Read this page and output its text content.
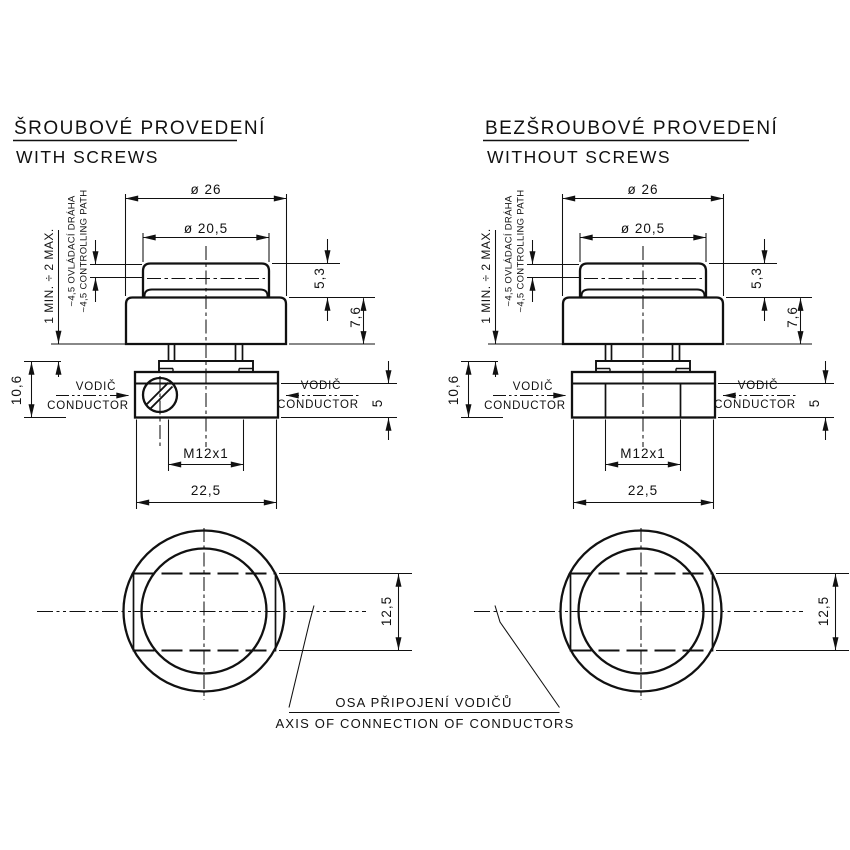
ŠROUBOVÉ PROVEDENÍ
WITH SCREWS
BEZŠROUBOVÉ PROVEDENÍ
WITHOUT SCREWS
OSA PŘIPOJENÍ VODIČŮ
AXIS OF CONNECTION OF CONDUCTORS
ø 26
ø 20,5
5,3
7,6
5
10,6
1 MIN. ÷ 2 MAX. ~4,5 OVLÁDACÍ DRÁHA ~4,5 CONTROLLING PATH
M12x1
22,5
12,5
VODIČ
CONDUCTOR
VODIČ
CONDUCTOR
ø 26
ø 20,5
5,3
7,6
5
10,6
1 MIN. ÷ 2 MAX. ~4,5 OVLÁDACÍ DRÁHA ~4,5 CONTROLLING PATH
M12x1
22,5
12,5
VODIČ
CONDUCTOR
VODIČ
CONDUCTOR
